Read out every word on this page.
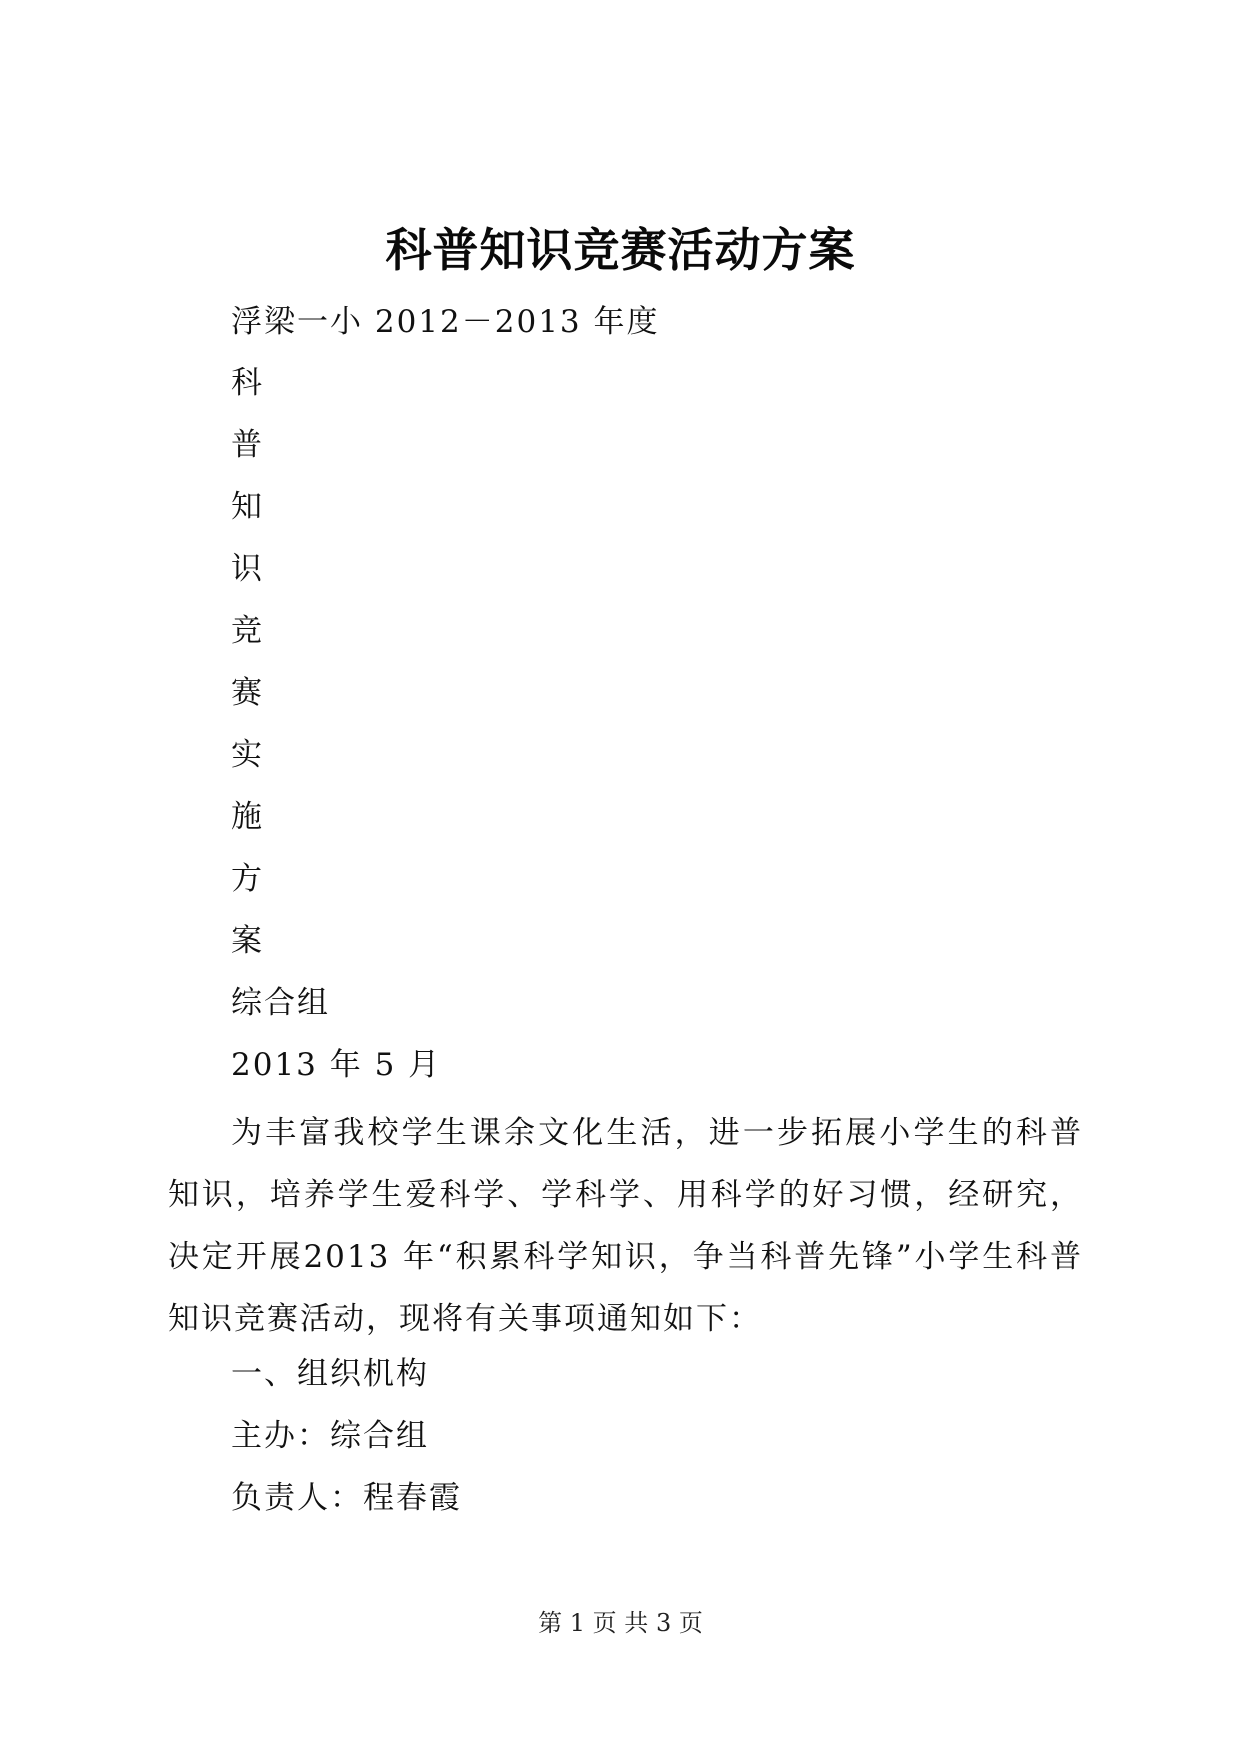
科普知识竞赛活动方案
浮梁一小 2012－2013 年度
科
普
知
识
竞
赛
实
施
方
案
综合组
2013 年 5 月

为丰富我校学生课余文化生活，进一步拓展小学生的科普知识，培养学生爱科学、学科学、用科学的好习惯，经研究，决定开展2013 年“积累科学知识，争当科普先锋”小学生科普知识竞赛活动，现将有关事项通知如下：

一、组织机构
主办：综合组
负责人：程春霞
第 1 页 共 3 页
